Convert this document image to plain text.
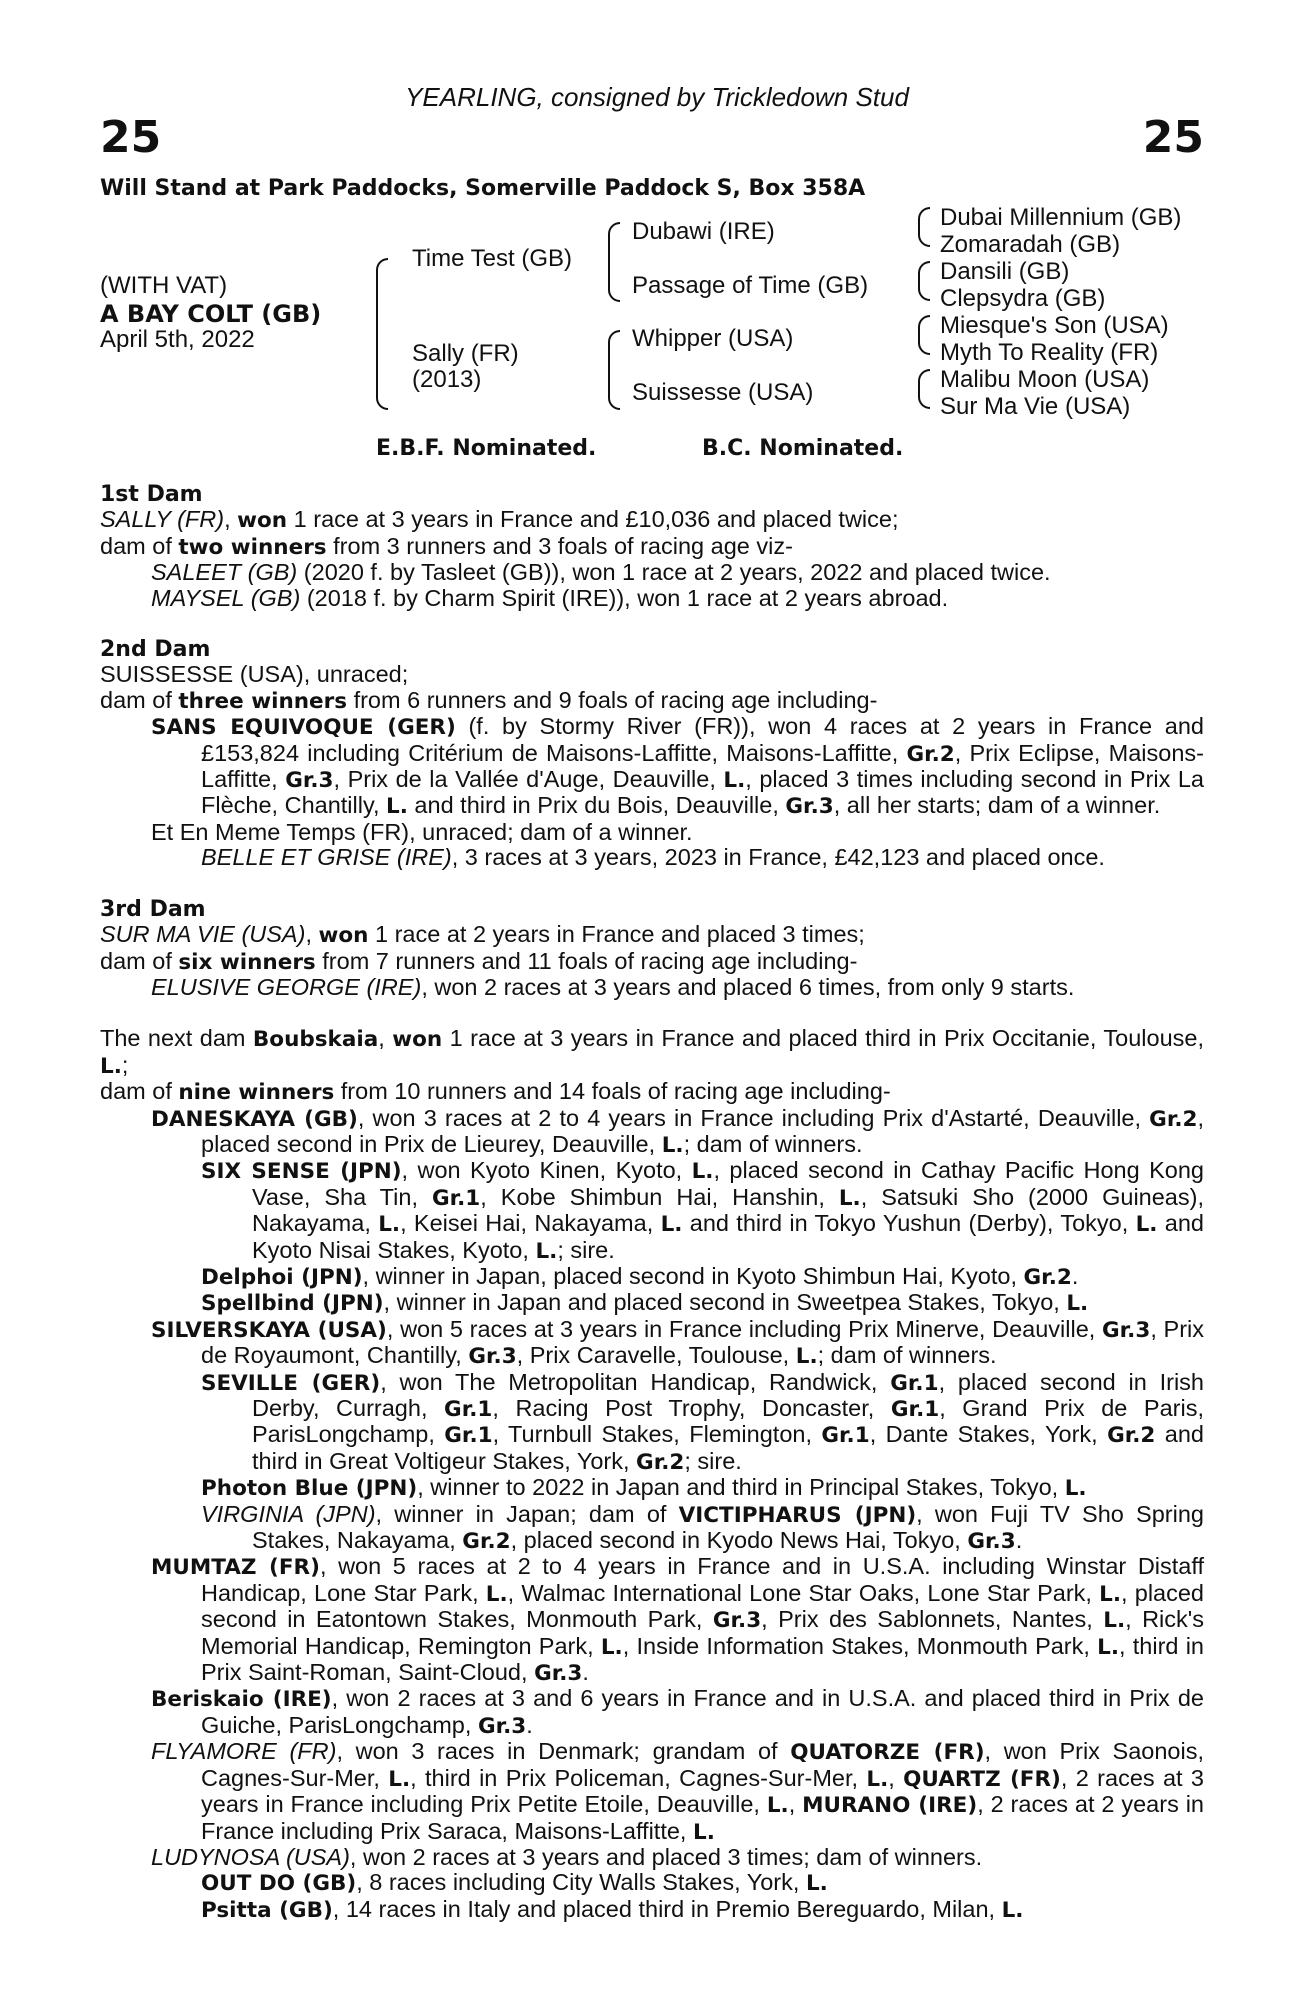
YEARLING, consigned by Trickledown Stud
25	25
Will Stand at Park Paddocks, Somerville Paddock S, Box 358A
(WITH VAT)
A BAY COLT (GB)
April 5th, 2022
Time Test (GB)
Sally (FR)
(2013)
Dubawi (IRE)
Passage of Time (GB)
Whipper (USA)
Suissesse (USA)
Dubai Millennium (GB)
Zomaradah (GB)
Dansili (GB)
Clepsydra (GB)
Miesque's Son (USA)
Myth To Reality (FR)
Malibu Moon (USA)
Sur Ma Vie (USA)
E.B.F. Nominated.	B.C. Nominated.

1st Dam

SALLY (FR), won 1 race at 3 years in France and £10,036 and placed twice;

dam of two winners from 3 runners and 3 foals of racing age viz-

SALEET (GB) (2020 f. by Tasleet (GB)), won 1 race at 2 years, 2022 and placed twice.

MAYSEL (GB) (2018 f. by Charm Spirit (IRE)), won 1 race at 2 years abroad.

2nd Dam

SUISSESSE (USA), unraced;

dam of three winners from 6 runners and 9 foals of racing age including-

SANS EQUIVOQUE (GER) (f. by Stormy River (FR)), won 4 races at 2 years in France and £153,824 including Critérium de Maisons-Laffitte, Maisons-Laffitte, Gr.2, Prix Eclipse, Maisons-Laffitte, Gr.3, Prix de la Vallée d'Auge, Deauville, L., placed 3 times including second in Prix La Flèche, Chantilly, L. and third in Prix du Bois, Deauville, Gr.3, all her starts; dam of a winner.

Et En Meme Temps (FR), unraced; dam of a winner.

BELLE ET GRISE (IRE), 3 races at 3 years, 2023 in France, £42,123 and placed once.

3rd Dam

SUR MA VIE (USA), won 1 race at 2 years in France and placed 3 times;

dam of six winners from 7 runners and 11 foals of racing age including-

ELUSIVE GEORGE (IRE), won 2 races at 3 years and placed 6 times, from only 9 starts.

The next dam Boubskaia, won 1 race at 3 years in France and placed third in Prix Occitanie, Toulouse, L.;

dam of nine winners from 10 runners and 14 foals of racing age including-

DANESKAYA (GB), won 3 races at 2 to 4 years in France including Prix d'Astarté, Deauville, Gr.2, placed second in Prix de Lieurey, Deauville, L.; dam of winners.

SIX SENSE (JPN), won Kyoto Kinen, Kyoto, L., placed second in Cathay Pacific Hong Kong Vase, Sha Tin, Gr.1, Kobe Shimbun Hai, Hanshin, L., Satsuki Sho (2000 Guineas), Nakayama, L., Keisei Hai, Nakayama, L. and third in Tokyo Yushun (Derby), Tokyo, L. and Kyoto Nisai Stakes, Kyoto, L.; sire.

Delphoi (JPN), winner in Japan, placed second in Kyoto Shimbun Hai, Kyoto, Gr.2.

Spellbind (JPN), winner in Japan and placed second in Sweetpea Stakes, Tokyo, L.

SILVERSKAYA (USA), won 5 races at 3 years in France including Prix Minerve, Deauville, Gr.3, Prix de Royaumont, Chantilly, Gr.3, Prix Caravelle, Toulouse, L.; dam of winners.

SEVILLE (GER), won The Metropolitan Handicap, Randwick, Gr.1, placed second in Irish Derby, Curragh, Gr.1, Racing Post Trophy, Doncaster, Gr.1, Grand Prix de Paris, ParisLongchamp, Gr.1, Turnbull Stakes, Flemington, Gr.1, Dante Stakes, York, Gr.2 and third in Great Voltigeur Stakes, York, Gr.2; sire.

Photon Blue (JPN), winner to 2022 in Japan and third in Principal Stakes, Tokyo, L.

VIRGINIA (JPN), winner in Japan; dam of VICTIPHARUS (JPN), won Fuji TV Sho Spring Stakes, Nakayama, Gr.2, placed second in Kyodo News Hai, Tokyo, Gr.3.

MUMTAZ (FR), won 5 races at 2 to 4 years in France and in U.S.A. including Winstar Distaff Handicap, Lone Star Park, L., Walmac International Lone Star Oaks, Lone Star Park, L., placed second in Eatontown Stakes, Monmouth Park, Gr.3, Prix des Sablonnets, Nantes, L., Rick's Memorial Handicap, Remington Park, L., Inside Information Stakes, Monmouth Park, L., third in Prix Saint-Roman, Saint-Cloud, Gr.3.

Beriskaio (IRE), won 2 races at 3 and 6 years in France and in U.S.A. and placed third in Prix de Guiche, ParisLongchamp, Gr.3.

FLYAMORE (FR), won 3 races in Denmark; grandam of QUATORZE (FR), won Prix Saonois, Cagnes-Sur-Mer, L., third in Prix Policeman, Cagnes-Sur-Mer, L., QUARTZ (FR), 2 races at 3 years in France including Prix Petite Etoile, Deauville, L., MURANO (IRE), 2 races at 2 years in France including Prix Saraca, Maisons-Laffitte, L.

LUDYNOSA (USA), won 2 races at 3 years and placed 3 times; dam of winners.

OUT DO (GB), 8 races including City Walls Stakes, York, L.

Psitta (GB), 14 races in Italy and placed third in Premio Bereguardo, Milan, L.
